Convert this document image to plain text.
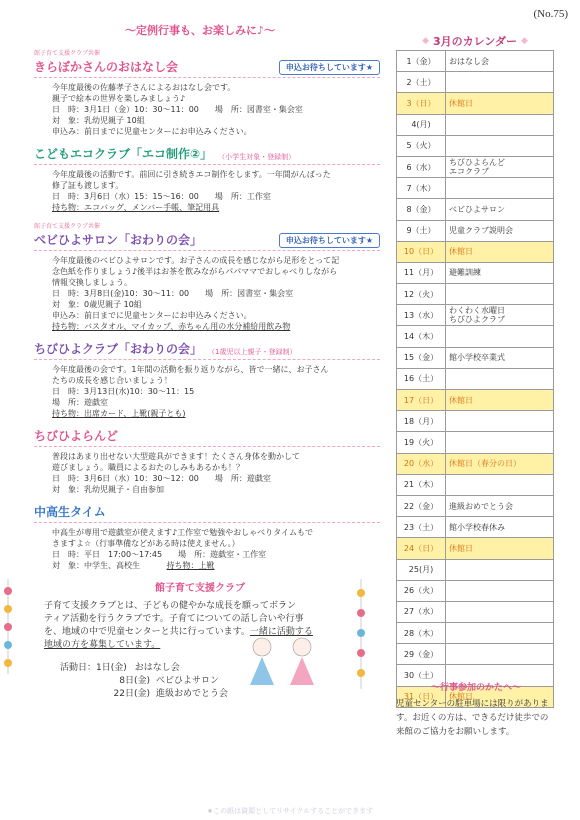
(No.75)
～定例行事も、お楽しみに♪～
館子育て支援クラブ共催
きらぼかさんのおはなし会	申込お待ちしています★
今年度最後の佐藤孝子さんによるおはなし会です。
親子で絵本の世界を楽しみましょう♪
日　時：3月1日（金）10：30～11：00　　場　所：図書室・集会室
対　象：乳幼児親子 10組
申込み：前日までに児童センターにお申込みください。
こどもエコクラブ「エコ制作②」 （小学生対象・登録制）
今年度最後の活動です。前回に引き続きエコ制作をします。一年間がんばった
修了証も渡します。
日　時：3月6日（水）15：15～16：00　　場　所：工作室
持ち物：エコバッグ、メンバー手帳、筆記用具
館子育て支援クラブ共催
べビひよサロン「おわりの会」	申込お待ちしています★
今年度最後のべビひよサロンです。お子さんの成長を感じながら足形をとって記
念色紙を作りましょう♪後半はお茶を飲みながらパパママでおしゃべりしながら
情報交換しましょう。
日　時：3月8日(金)10：30～11：00　　場　所：図書室・集会室
対　象：0歳児親子 10組
申込み：前日までに児童センターにお申込みください。
持ち物：バスタオル、マイカップ、赤ちゃん用の水分補給用飲み物
ちびひよクラブ「おわりの会」 （1歳児以上親子・登録制）
今年度最後の会です。1年間の活動を振り返りながら、皆で一緒に、お子さん
たちの成長を感じ合いましょう！
日　時：3月13日(水)10：30～11：15
場　所：遊戯室
持ち物：出席カード、上靴(親子とも)
ちびひよらんど
普段はあまり出せない大型遊具ができます！たくさん身体を動かして
遊びましょう。職員によるおたのしみもあるかも！？
日　時：3月6日（水）10：30～12：00　　場　所：遊戯室
対　象：乳幼児親子・自由参加
中高生タイム
中高生が専用で遊戯室が使えます♪工作室で勉強やおしゃべりタイムもで
きますよ☆（行事準備などがある時は使えません。）
日　時：平日　17:00～17:45　　場　所：遊戯室・工作室
対　象：中学生、高校生	持ち物：上靴
館子育て支援クラブ
子育て支援クラブとは、子どもの健やかな成長を願ってボラン
ティア活動を行うクラブです。子育てについての話し合いや行事
を、地域の中で児童センターと共に行っています。一緒に活動する
地域の方を募集しています。
活動日： 1日(金) おはなし会
8日(金) べビひよサロン
22日(金) 進級おめでとう会
◆ 3月のカレンダー ◆
1（金）	おはなし会
2（土）	
3（日）	休館日
4(月)	
5（火）	
6（水）	ちびひよらんど
エコクラブ
7（木）	
8（金）	べビひよサロン
9（土）	児童クラブ説明会
10（日）	休館日
11（月）	避難訓練
12（火）	
13（水）	わくわく水曜日
ちびひよクラブ
14（木）	
15（金）	館小学校卒業式
16（土）	
17（日）	休館日
18（月）	
19（火）	
20（水）	休館日（春分の日）
21（木）	
22（金）	進級おめでとう会
23（土）	館小学校春休み
24（日）	休館日
25(月)	
26（火）	
27（水）	
28（木）	
29（金）	
30（土）	
31（日）	休館日
～行事参加のかたへ～
児童センターの駐車場には限りがあります。お近くの方は、できるだけ徒歩での来館のご協力をお願いします。
★この紙は資源としてリサイクルすることができます
